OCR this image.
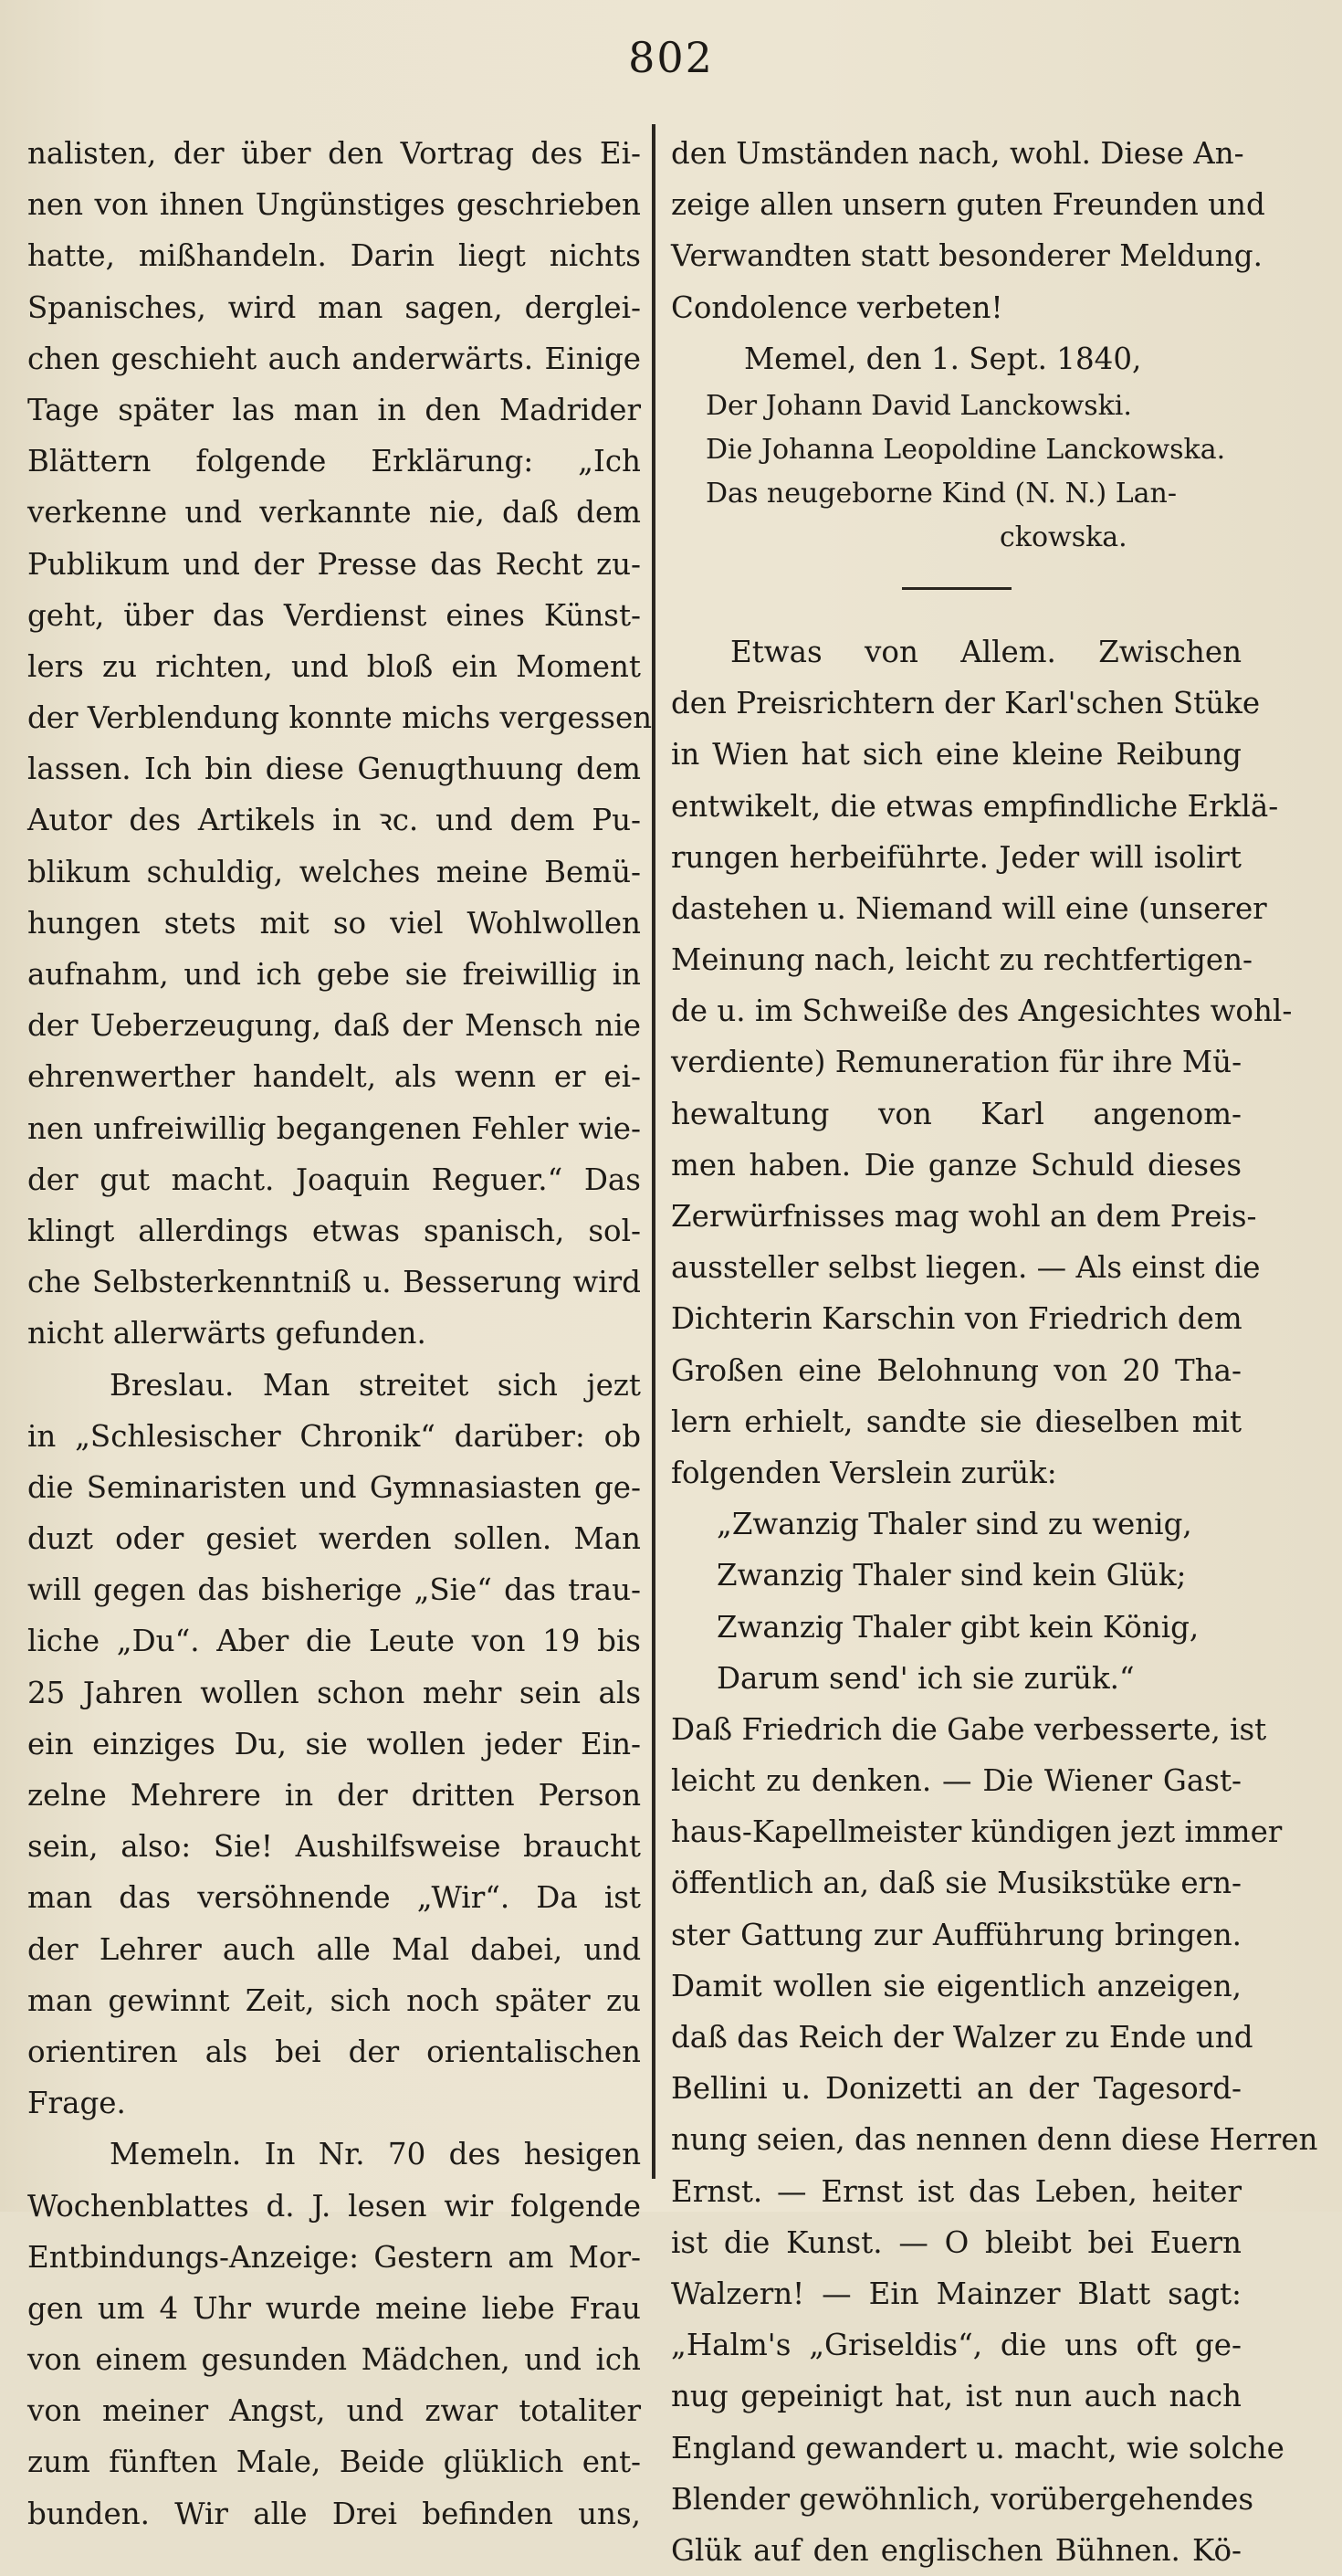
802
nalisten, der über den Vortrag des Ei-
nen von ihnen Ungünstiges geschrieben
hatte, mißhandeln. Darin liegt nichts
Spanisches, wird man sagen, derglei-
chen geschieht auch anderwärts. Einige
Tage später las man in den Madrider
Blättern folgende Erklärung: „Ich
verkenne und verkannte nie, daß dem
Publikum und der Presse das Recht zu-
geht, über das Verdienst eines Künst-
lers zu richten, und bloß ein Moment
der Verblendung konnte michs vergessen
lassen. Ich bin diese Genugthuung dem
Autor des Artikels in ꝛc. und dem Pu-
blikum schuldig, welches meine Bemü-
hungen stets mit so viel Wohlwollen
aufnahm, und ich gebe sie freiwillig in
der Ueberzeugung, daß der Mensch nie
ehrenwerther handelt, als wenn er ei-
nen unfreiwillig begangenen Fehler wie-
der gut macht. Joaquin Reguer.“ Das
klingt allerdings etwas spanisch, sol-
che Selbsterkenntniß u. Besserung wird
nicht allerwärts gefunden.
Breslau. Man streitet sich jezt
in „Schlesischer Chronik“ darüber: ob
die Seminaristen und Gymnasiasten ge-
duzt oder gesiet werden sollen. Man
will gegen das bisherige „Sie“ das trau-
liche „Du“. Aber die Leute von 19 bis
25 Jahren wollen schon mehr sein als
ein einziges Du, sie wollen jeder Ein-
zelne Mehrere in der dritten Person
sein, also: Sie! Aushilfsweise braucht
man das versöhnende „Wir“. Da ist
der Lehrer auch alle Mal dabei, und
man gewinnt Zeit, sich noch später zu
orientiren als bei der orientalischen
Frage.
Memeln. In Nr. 70 des hesigen
Wochenblattes d. J. lesen wir folgende
Entbindungs-Anzeige: Gestern am Mor-
gen um 4 Uhr wurde meine liebe Frau
von einem gesunden Mädchen, und ich
von meiner Angst, und zwar totaliter
zum fünften Male, Beide glüklich ent-
bunden. Wir alle Drei befinden uns,
den Umständen nach, wohl. Diese An-
zeige allen unsern guten Freunden und
Verwandten statt besonderer Meldung.
Condolence verbeten!
Memel, den 1. Sept. 1840,
Der Johann David Lanckowski.
Die Johanna Leopoldine Lanckowska.
Das neugeborne Kind (N. N.) Lan-
ckowska.
Etwas von Allem. Zwischen
den Preisrichtern der Karl'schen Stüke
in Wien hat sich eine kleine Reibung
entwikelt, die etwas empfindliche Erklä-
rungen herbeiführte. Jeder will isolirt
dastehen u. Niemand will eine (unserer
Meinung nach, leicht zu rechtfertigen-
de u. im Schweiße des Angesichtes wohl-
verdiente) Remuneration für ihre Mü-
hewaltung von Karl angenom-
men haben. Die ganze Schuld dieses
Zerwürfnisses mag wohl an dem Preis-
aussteller selbst liegen. — Als einst die
Dichterin Karschin von Friedrich dem
Großen eine Belohnung von 20 Tha-
lern erhielt, sandte sie dieselben mit
folgenden Verslein zurük:
„Zwanzig Thaler sind zu wenig,
Zwanzig Thaler sind kein Glük;
Zwanzig Thaler gibt kein König,
Darum send' ich sie zurük.“
Daß Friedrich die Gabe verbesserte, ist
leicht zu denken. — Die Wiener Gast-
haus-Kapellmeister kündigen jezt immer
öffentlich an, daß sie Musikstüke ern-
ster Gattung zur Aufführung bringen.
Damit wollen sie eigentlich anzeigen,
daß das Reich der Walzer zu Ende und
Bellini u. Donizetti an der Tagesord-
nung seien, das nennen denn diese Herren
Ernst. — Ernst ist das Leben, heiter
ist die Kunst. — O bleibt bei Euern
Walzern! — Ein Mainzer Blatt sagt:
„Halm's „Griseldis“, die uns oft ge-
nug gepeinigt hat, ist nun auch nach
England gewandert u. macht, wie solche
Blender gewöhnlich, vorübergehendes
Glük auf den englischen Bühnen. Kö-
